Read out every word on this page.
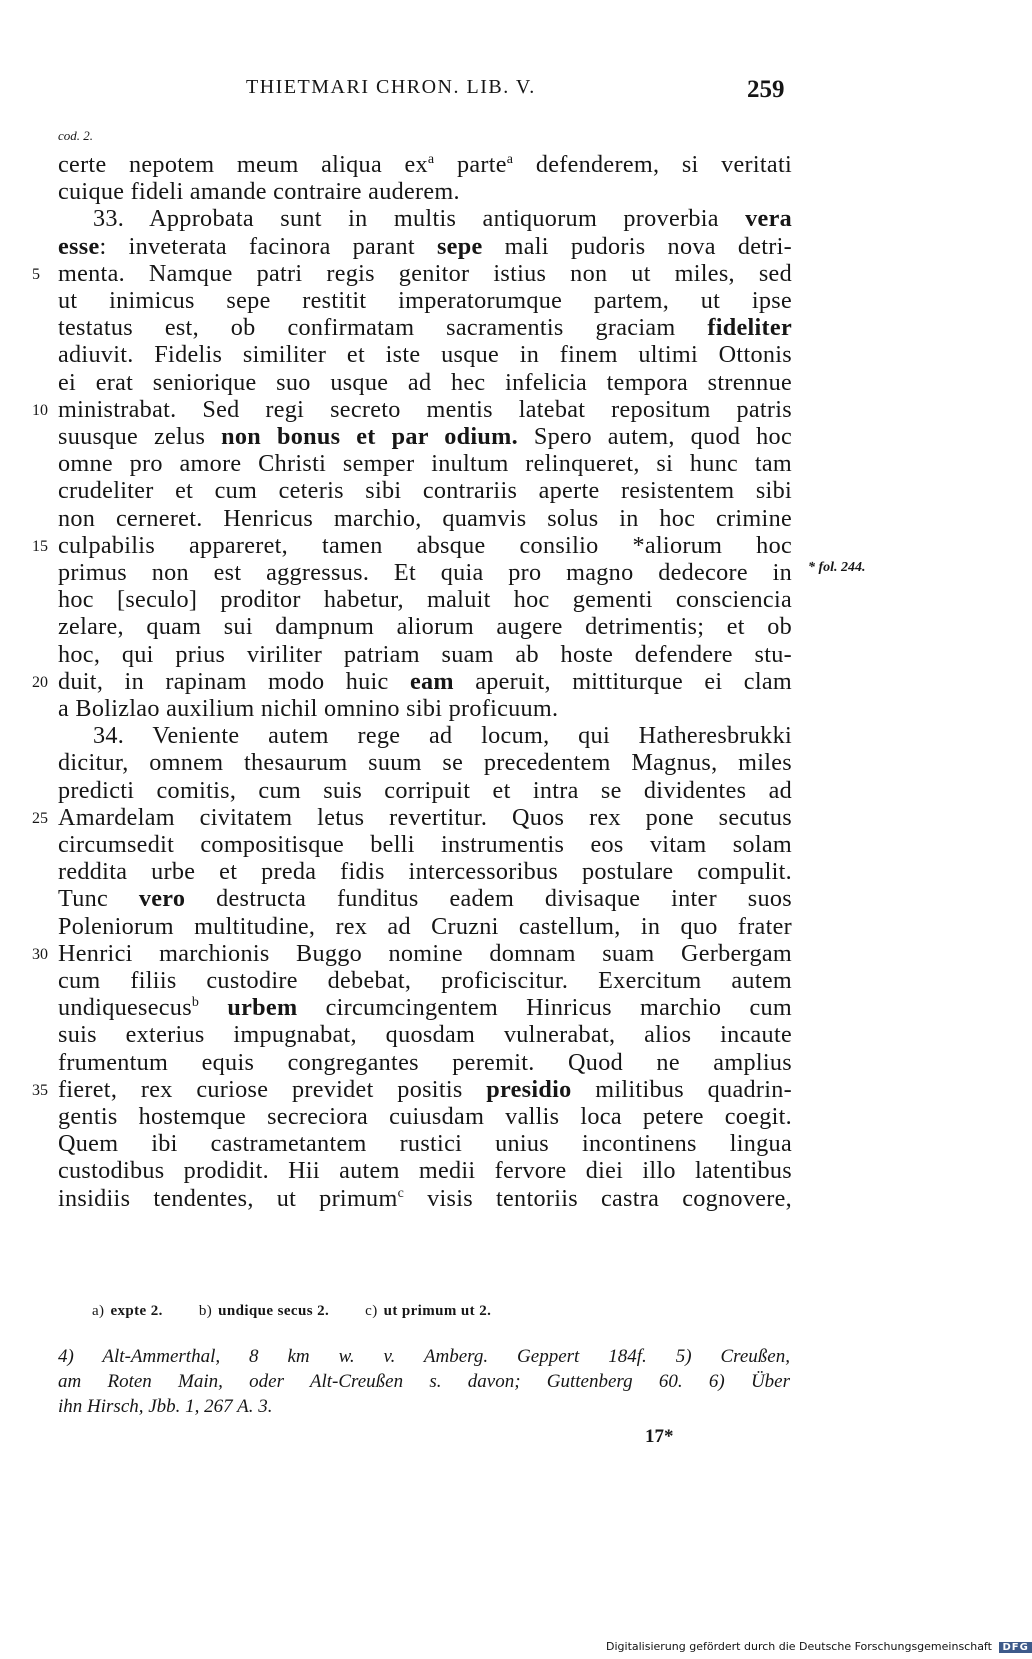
THIETMARI CHRON. LIB. V.	259
cod. 2.
certe nepotem meum aliqua $ex^a$ parte$^a$ defenderem, si veritati
cuique fideli amande contraire auderem.
33. Approbata sunt in multis antiquorum proverbia vera
esse: inveterata facinora parant sepe mali pudoris nova detri-
5 menta. Namque patri regis genitor istius non ut miles, sed
ut inimicus sepe restitit imperatorumque partem, ut ipse
testatus est, ob confirmatam sacramentis graciam fideliter
adiuvit. Fidelis similiter et iste usque in finem ultimi Ottonis
ei erat seniorique suo usque ad hec infelicia tempora strennue
10 ministrabat. Sed regi secreto mentis latebat repositum patris
suusque zelus non bonus et par odium. Spero autem, quod hoc
omne pro amore Christi semper inultum relinqueret, si hunc tam
crudeliter et cum ceteris sibi contrariis aperte resistentem sibi
non cerneret. Henricus marchio, quamvis solus in hoc crimine
15 culpabilis appareret, tamen absque consilio *aliorum hoc
primus non est aggressus. Et quia pro magno dedecore in
hoc [seculo] proditor habetur, maluit hoc gementi consciencia
zelare, quam sui dampnum aliorum augere detrimentis; et ob
hoc, qui prius viriliter patriam suam ab hoste defendere stu-
20 duit, in rapinam modo huic eam aperuit, mittiturque ei clam
a Bolizlao auxilium nichil omnino sibi proficuum.
34. Veniente autem rege ad locum, qui Hatheresbrukki
dicitur, omnem thesaurum suum se precedentem Magnus, miles
predicti comitis, cum suis corripuit et intra se dividentes ad
25 Amardelam civitatem letus revertitur. Quos rex pone secutus
circumsedit compositisque belli instrumentis eos vitam solam
reddita urbe et preda fidis intercessoribus postulare compulit.
Tunc vero destructa funditus eadem divisaque inter suos
Poleniorum multitudine, rex ad Cruzni castellum, in quo frater
30 Henrici marchionis Buggo nomine domnam suam Gerbergam
cum filiis custodire debebat, proficiscitur. Exercitum autem
undiquesecus$^b$ urbem circumcingentem Hinricus marchio cum
suis exterius impugnabat, quosdam vulnerabat, alios incaute
frumentum equis congregantes peremit. Quod ne amplius
35 fieret, rex curiose previdet positis presidio militibus quadrin-
gentis hostemque secreciora cuiusdam vallis loca petere coegit.
Quem ibi castrametantem rustici unius incontinens lingua
custodibus prodidit. Hii autem medii fervore diei illo latentibus
insidiis tendentes, ut primum$^c$ visis tentoriis castra cognovere,
* fol. 244.
a) expte 2. b) undique secus 2. c) ut primum ut 2.
4) Alt-Ammerthal, 8 km w. v. Amberg. Geppert 184f. 5) Creußen,
am Roten Main, oder Alt-Creußen s. davon; Guttenberg 60. 6) Über
ihn Hirsch, Jbb. 1, 267 A. 3.
17*
Digitalisierung gefördert durch die Deutsche Forschungsgemeinschaft DFG
